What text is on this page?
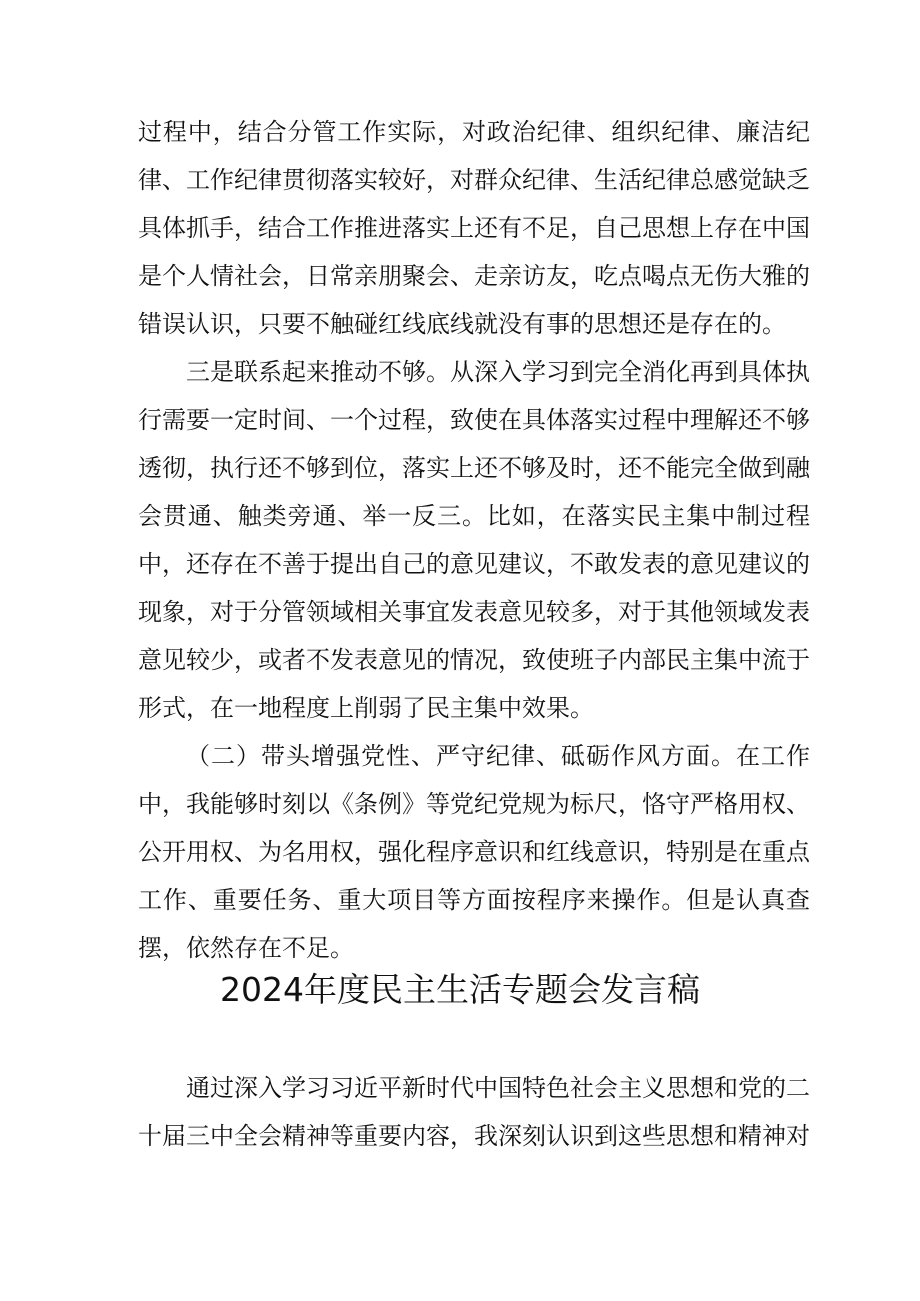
过程中，结合分管工作实际，对政治纪律、组织纪律、廉洁纪律、工作纪律贯彻落实较好，对群众纪律、生活纪律总感觉缺乏具体抓手，结合工作推进落实上还有不足，自己思想上存在中国是个人情社会，日常亲朋聚会、走亲访友，吃点喝点无伤大雅的错误认识，只要不触碰红线底线就没有事的思想还是存在的。

三是联系起来推动不够。从深入学习到完全消化再到具体执行需要一定时间、一个过程，致使在具体落实过程中理解还不够透彻，执行还不够到位，落实上还不够及时，还不能完全做到融会贯通、触类旁通、举一反三。比如，在落实民主集中制过程中，还存在不善于提出自己的意见建议，不敢发表的意见建议的现象，对于分管领域相关事宜发表意见较多，对于其他领域发表意见较少，或者不发表意见的情况，致使班子内部民主集中流于形式，在一地程度上削弱了民主集中效果。

（二）带头增强党性、严守纪律、砥砺作风方面。在工作中，我能够时刻以《条例》等党纪党规为标尺，恪守严格用权、公开用权、为名用权，强化程序意识和红线意识，特别是在重点工作、重要任务、重大项目等方面按程序来操作。但是认真查摆，依然存在不足。

2024年度民主生活专题会发言稿

通过深入学习习近平新时代中国特色社会主义思想和党的二十届三中全会精神等重要内容，我深刻认识到这些思想和精神对
